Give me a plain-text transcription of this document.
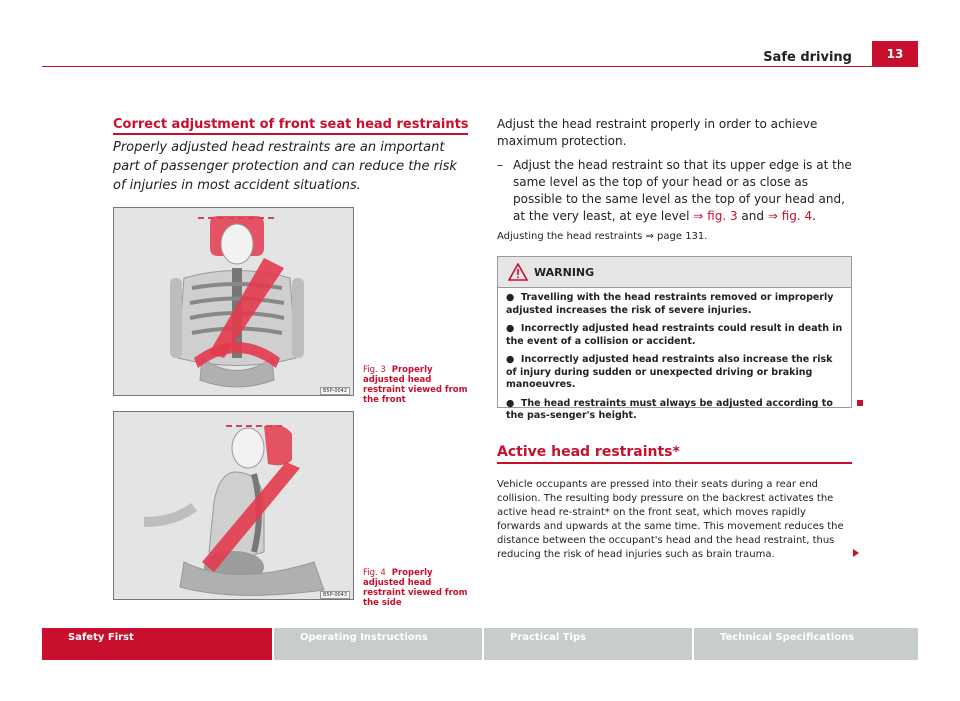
Safe driving	13
Correct adjustment of front seat head restraints
Properly adjusted head restraints are an important part of passenger protection and can reduce the risk of injuries in most accident situations.
B5P-0042
Fig. 3 Properly adjusted head restraint viewed from the front
B5P-0043
Fig. 4 Properly adjusted head restraint viewed from the side
Adjust the head restraint properly in order to achieve maximum protection.
– Adjust the head restraint so that its upper edge is at the same level as the top of your head or as close as possible to the same level as the top of your head and, at the very least, at eye level ⇒ fig. 3 and ⇒ fig. 4.
Adjusting the head restraints ⇒ page 131.
WARNING
●  Travelling with the head restraints removed or improperly adjusted increases the risk of severe injuries.
●  Incorrectly adjusted head restraints could result in death in the event of a collision or accident.
●  Incorrectly adjusted head restraints also increase the risk of injury during sudden or unexpected driving or braking manoeuvres.
●  The head restraints must always be adjusted according to the pas-senger's height.
Active head restraints*
Vehicle occupants are pressed into their seats during a rear end collision. The resulting body pressure on the backrest activates the active head re-straint* on the front seat, which moves rapidly forwards and upwards at the same time. This movement reduces the distance between the occupant's head and the head restraint, thus reducing the risk of head injuries such as brain trauma.
Safety First	Operating Instructions	Practical Tips	Technical Specifications
